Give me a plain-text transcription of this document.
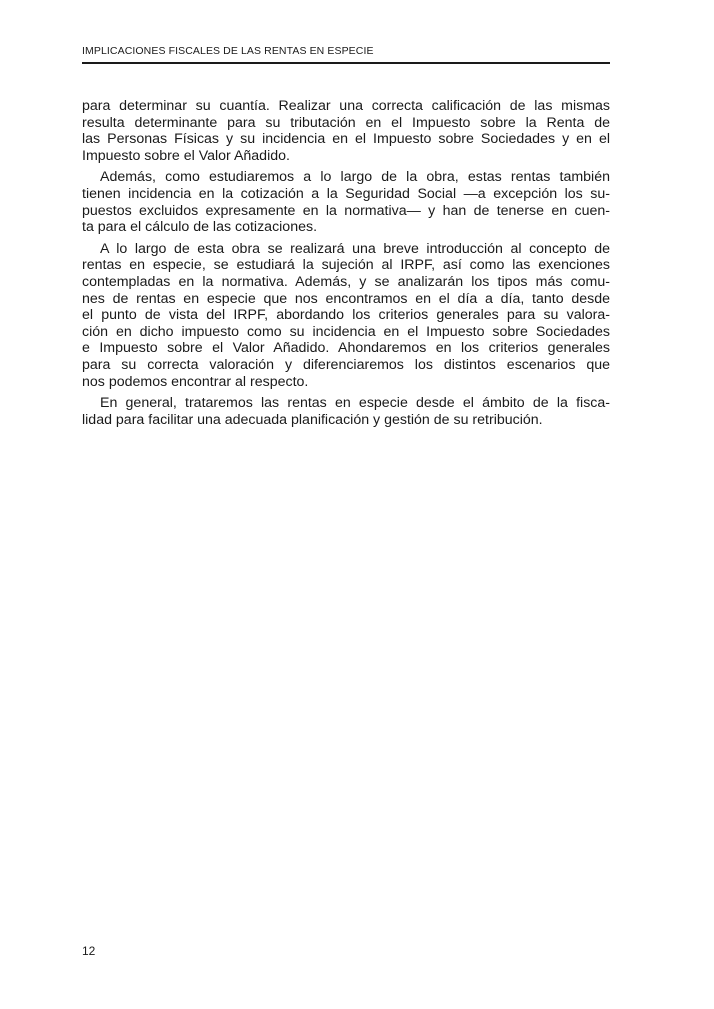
IMPLICACIONES FISCALES DE LAS RENTAS EN ESPECIE

para determinar su cuantía. Realizar una correcta calificación de las mismas
resulta determinante para su tributación en el Impuesto sobre la Renta de
las Personas Físicas y su incidencia en el Impuesto sobre Sociedades y en el
Impuesto sobre el Valor Añadido.

Además, como estudiaremos a lo largo de la obra, estas rentas también
tienen incidencia en la cotización a la Seguridad Social —a excepción los su-
puestos excluidos expresamente en la normativa— y han de tenerse en cuen-
ta para el cálculo de las cotizaciones.

A lo largo de esta obra se realizará una breve introducción al concepto de
rentas en especie, se estudiará la sujeción al IRPF, así como las exenciones
contempladas en la normativa. Además, y se analizarán los tipos más comu-
nes de rentas en especie que nos encontramos en el día a día, tanto desde
el punto de vista del IRPF, abordando los criterios generales para su valora-
ción en dicho impuesto como su incidencia en el Impuesto sobre Sociedades
e Impuesto sobre el Valor Añadido. Ahondaremos en los criterios generales
para su correcta valoración y diferenciaremos los distintos escenarios que
nos podemos encontrar al respecto.

En general, trataremos las rentas en especie desde el ámbito de la fisca-
lidad para facilitar una adecuada planificación y gestión de su retribución.

12
